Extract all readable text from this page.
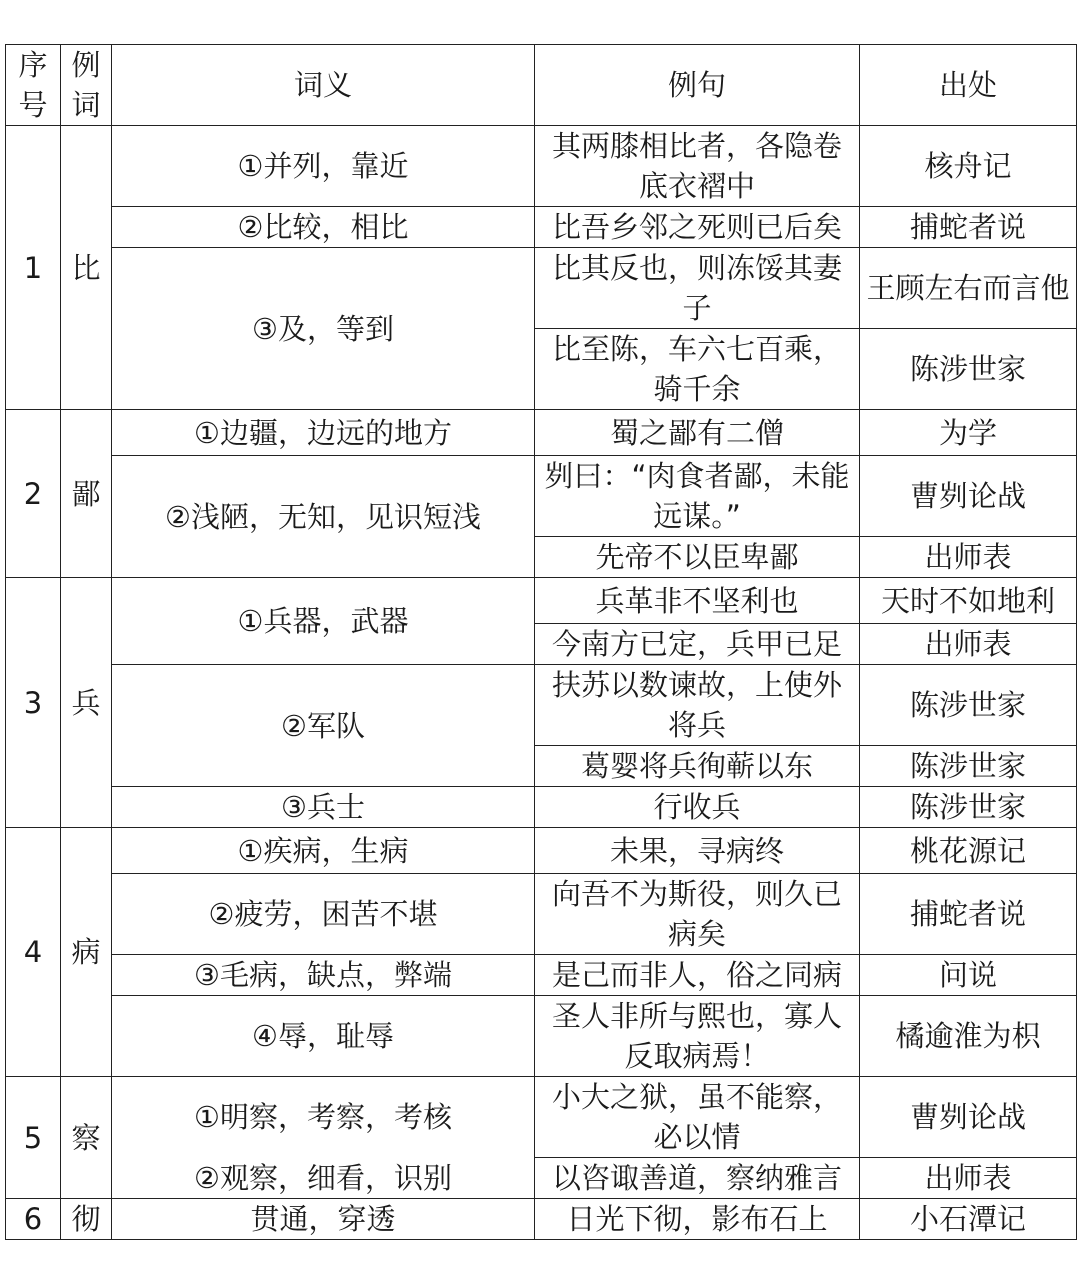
序号	例词	词义	例句	出处
1	比	①并列，靠近	其两膝相比者，各隐卷底衣褶中	核舟记
		②比较，相比	比吾乡邻之死则已后矣	捕蛇者说
		③及，等到	比其反也，则冻馁其妻子	王顾左右而言他
			比至陈，车六七百乘，骑千余	陈涉世家

2	鄙	①边疆，边远的地方	蜀之鄙有二僧	为学
		②浅陋，无知，见识短浅	刿曰：“肉食者鄙，未能远谋。”	曹刿论战
			先帝不以臣卑鄙	出师表
3	兵	①兵器，武器	兵革非不坚利也	天时不如地利
			今南方已定，兵甲已足	出师表
		②军队	扶苏以数谏故，上使外将兵	陈涉世家
			葛婴将兵徇蕲以东	陈涉世家
		③兵士	行收兵	陈涉世家
4	病	①疾病，生病	未果，寻病终	桃花源记
		②疲劳，困苦不堪	向吾不为斯役，则久已病矣	捕蛇者说
		③毛病，缺点，弊端	是己而非人，俗之同病	问说
		④辱，耻辱	圣人非所与熙也，寡人反取病焉！	橘逾淮为枳
5	察	①明察，考察，考核	小大之狱，虽不能察，必以情	曹刿论战
		②观察，细看，识别	以咨诹善道，察纳雅言	出师表
6	彻	贯通，穿透	日光下彻，影布石上	小石潭记
